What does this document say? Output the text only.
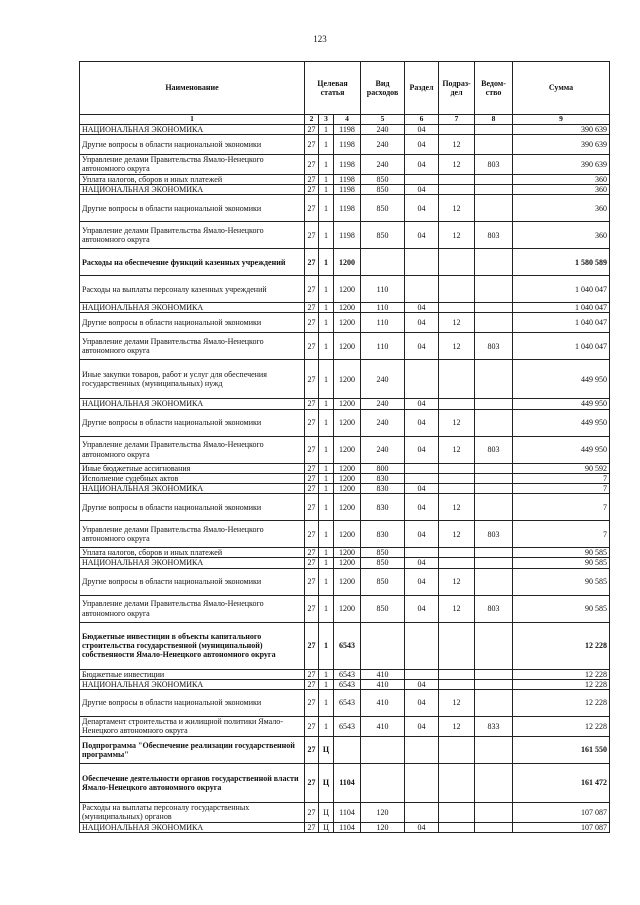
123
Наименование	Целевая статья			Вид расходов	Раздел	Подраз-дел	Ведом-ство	Сумма
1	2	3	4	5	6	7	8	9
НАЦИОНАЛЬНАЯ ЭКОНОМИКА	27	1	1198	240	04			390 639
Другие вопросы в области национальной экономики	27	1	1198	240	04	12		390 639
Управление делами Правительства Ямало-Ненецкого автономного округа	27	1	1198	240	04	12	803	390 639
Уплата налогов, сборов и иных платежей	27	1	1198	850				360
НАЦИОНАЛЬНАЯ ЭКОНОМИКА	27	1	1198	850	04			360
Другие вопросы в области национальной экономики	27	1	1198	850	04	12		360
Управление делами Правительства Ямало-Ненецкого автономного округа	27	1	1198	850	04	12	803	360
Расходы на обеспечение функций казенных учреждений	27	1	1200					1 580 589
Расходы на выплаты персоналу казенных учреждений	27	1	1200	110				1 040 047
НАЦИОНАЛЬНАЯ ЭКОНОМИКА	27	1	1200	110	04			1 040 047
Другие вопросы в области национальной экономики	27	1	1200	110	04	12		1 040 047
Управление делами Правительства Ямало-Ненецкого автономного округа	27	1	1200	110	04	12	803	1 040 047
Иные закупки товаров, работ и услуг для обеспечения государственных (муниципальных) нужд	27	1	1200	240				449 950
НАЦИОНАЛЬНАЯ ЭКОНОМИКА	27	1	1200	240	04			449 950
Другие вопросы в области национальной экономики	27	1	1200	240	04	12		449 950
Управление делами Правительства Ямало-Ненецкого автономного округа	27	1	1200	240	04	12	803	449 950
Иные бюджетные ассигнования	27	1	1200	800				90 592
Исполнение судебных актов	27	1	1200	830				7
НАЦИОНАЛЬНАЯ ЭКОНОМИКА	27	1	1200	830	04			7
Другие вопросы в области национальной экономики	27	1	1200	830	04	12		7
Управление делами Правительства Ямало-Ненецкого автономного округа	27	1	1200	830	04	12	803	7
Уплата налогов, сборов и иных платежей	27	1	1200	850				90 585
НАЦИОНАЛЬНАЯ ЭКОНОМИКА	27	1	1200	850	04			90 585
Другие вопросы в области национальной экономики	27	1	1200	850	04	12		90 585
Управление делами Правительства Ямало-Ненецкого автономного округа	27	1	1200	850	04	12	803	90 585
Бюджетные инвестиции в объекты капитального строительства государственной (муниципальной) собственности Ямало-Ненецкого автономного округа	27	1	6543					12 228
Бюджетные инвестиции	27	1	6543	410				12 228
НАЦИОНАЛЬНАЯ ЭКОНОМИКА	27	1	6543	410	04			12 228
Другие вопросы в области национальной экономики	27	1	6543	410	04	12		12 228
Департамент строительства и жилищной политики Ямало-Ненецкого автономного округа	27	1	6543	410	04	12	833	12 228
Подпрограмма "Обеспечение реализации государственной программы"	27	Ц						161 550
Обеспечение деятельности органов государственной власти Ямало-Ненецкого автономного округа	27	Ц	1104					161 472
Расходы на выплаты персоналу государственных (муниципальных) органов	27	Ц	1104	120				107 087
НАЦИОНАЛЬНАЯ ЭКОНОМИКА	27	Ц	1104	120	04			107 087
